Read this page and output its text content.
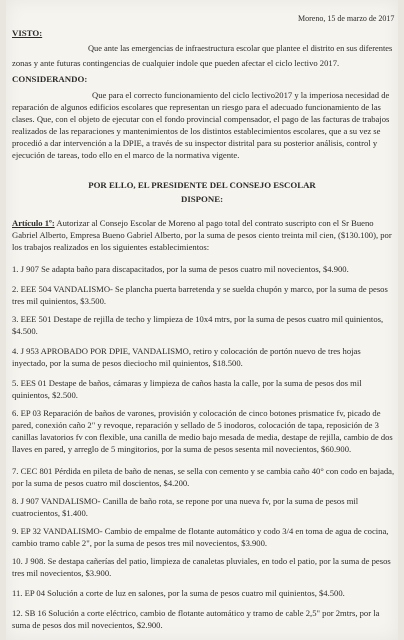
Moreno, 15 de marzo de 2017
VISTO:
Que ante las emergencias de infraestructura escolar que plantee el distrito en sus diferentes
zonas y ante futuras contingencias de cualquier indole que pueden afectar el ciclo lectivo 2017.
CONSIDERANDO:
Que para el correcto funcionamiento del ciclo lectivo2017 y la imperiosa necesidad de
reparación de algunos edificios escolares que representan un riesgo para el adecuado funcionamiento de las
clases. Que, con el objeto de ejecutar con el fondo provincial compensador, el pago de las facturas de trabajos
realizados de las reparaciones y mantenimientos de los distintos establecimientos escolares, que a su vez se
procedió a dar intervención a la DPIE, a través de su inspector distrital para su posterior análisis, control y
ejecución de tareas, todo ello en el marco de la normativa vigente.
POR ELLO, EL PRESIDENTE DEL CONSEJO ESCOLAR
DISPONE:
Artículo 1º: Autorizar al Consejo Escolar de Moreno al pago total del contrato suscripto con el Sr Bueno
Gabriel Alberto, Empresa Bueno Gabriel Alberto, por la suma de pesos ciento treinta mil cien, ($130.100), por
los trabajos realizados en los siguientes establecimientos:
1. J 907 Se adapta baño para discapacitados, por la suma de pesos cuatro mil novecientos, $4.900.
2. EEE 504 VANDALISMO- Se plancha puerta barretenda y se suelda chupón y marco, por la suma de pesos
tres mil quinientos, $3.500.
3. EEE 501 Destape de rejilla de techo y limpieza de 10x4 mtrs, por la suma de pesos cuatro mil quinientos,
$4.500.
4. J 953 APROBADO POR DPIE, VANDALISMO, retiro y colocación de portón nuevo de tres hojas
inyectado, por la suma de pesos dieciocho mil quinientos, $18.500.
5. EES 01 Destape de baños, cámaras y limpieza de caños hasta la calle, por la suma de pesos dos mil
quinientos, $2.500.
6. EP 03 Reparación de baños de varones, provisión y colocación de cinco botones prismatice fv, picado de
pared, conexión caño 2" y revoque, reparación y sellado de 5 inodoros, colocación de tapa, reposición de 3
canillas lavatorios fv con flexible, una canilla de medio bajo mesada de media, destape de rejilla, cambio de dos
llaves en pared, y arreglo de 5 mingitorios, por la suma de pesos sesenta mil novecientos, $60.900.
7. CEC 801 Pérdida en pileta de baño de nenas, se sella con cemento y se cambia caño 40° con codo en bajada,
por la suma de pesos cuatro mil doscientos, $4.200.
8. J 907 VANDALISMO- Canilla de baño rota, se repone por una nueva fv, por la suma de pesos mil
cuatrocientos, $1.400.
9. EP 32 VANDALISMO- Cambio de empalme de flotante automático y codo 3/4 en toma de agua de cocina,
cambio tramo cable 2", por la suma de pesos tres mil novecientos, $3.900.
10. J 908. Se destapa cañerías del patio, limpieza de canaletas pluviales, en todo el patio, por la suma de pesos
tres mil novecientos, $3.900.
11. EP 04 Solución a corte de luz en salones, por la suma de pesos cuatro mil quinientos, $4.500.
12. SB 16 Solución a corte eléctrico, cambio de flotante automático y tramo de cable 2,5" por 2mtrs, por la
suma de pesos dos mil novecientos, $2.900.
